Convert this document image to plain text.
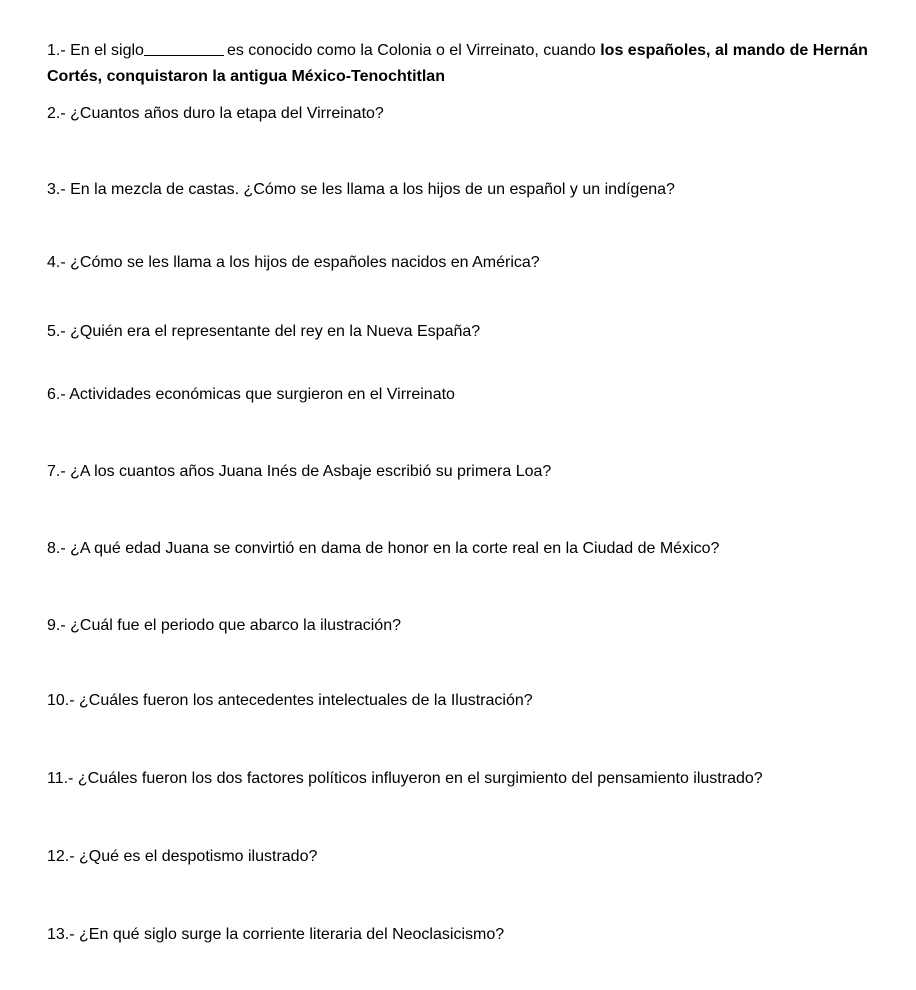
1.- En el siglo	es conocido como la Colonia o el Virreinato, cuando los españoles, al mando de Hernán Cortés, conquistaron la antigua México-Tenochtitlan
2.- ¿Cuantos años duro la etapa del Virreinato?
3.- En la mezcla de castas. ¿Cómo se les llama a los hijos de un español y un indígena?
4.- ¿Cómo se les llama a los hijos de españoles nacidos en América?
5.- ¿Quién era el representante del rey en la Nueva España?
6.- Actividades económicas que surgieron en el Virreinato
7.- ¿A los cuantos años Juana Inés de Asbaje escribió su primera Loa?
8.- ¿A qué edad Juana se convirtió en dama de honor en la corte real en la Ciudad de México?
9.- ¿Cuál fue el periodo que abarco la ilustración?
10.- ¿Cuáles fueron los antecedentes intelectuales de la Ilustración?
11.- ¿Cuáles fueron los dos factores políticos influyeron en el surgimiento del pensamiento ilustrado?
12.- ¿Qué es el despotismo ilustrado?
13.- ¿En qué siglo surge la corriente literaria del Neoclasicismo?
